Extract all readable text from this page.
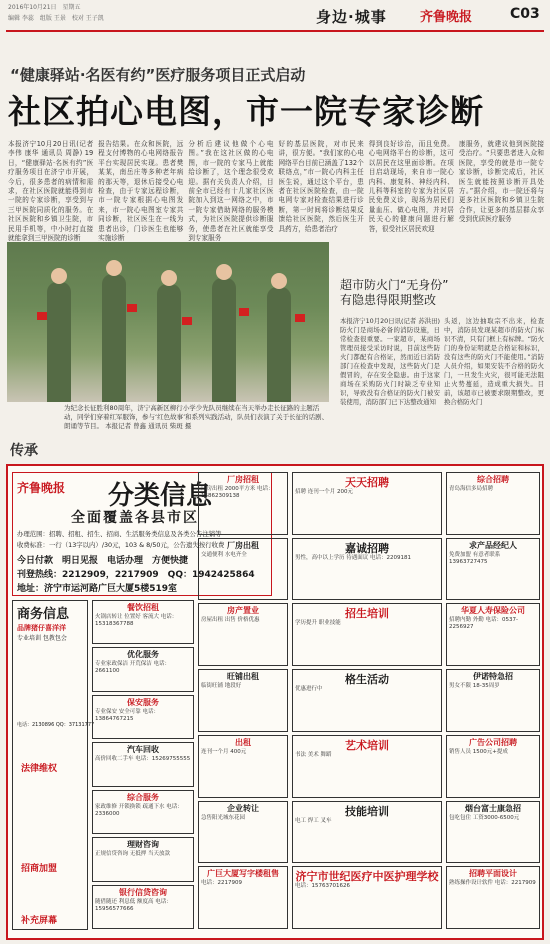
2016年10月21日　星期五
编辑 李蕊　组版 王景　校对 王子凯	身边·城事	齐鲁晚报	C03
“健康驿站·名医有约”医疗服务项目正式启动
社区拍心电图，市一院专家诊断
本报济宁10月20日讯(记者 李伟 康华 通讯员 周静) 19日，“健康驿站·名医有约”医疗服务项目在济宁市开展，今后，很多患者的病情和需求，在社区医院就能得到市一院的专家诊断，享受到与三甲医院同质化的服务。在社区医院和乡镇卫生院，市民用手机等，中小时打直接就能拿到三甲医院的诊断
报告结果。在众和医院，远程支付博物的心电网络报告平台实现居民实现。患者樊某某，南岳庄等多种老年病的那天等，退休后接受心电检查，由于专家远程诊断，市一院专家根据心电图发来，市一院心电图室专家共同诊断，社区医生在一线为患者出诊，门诊医生也能够实施诊断
分析后建议他做个心电图。”我在这社区做的心电图，市一院的专家马上就能给诊断了，这个理念很受欢迎。据有关负责人介绍，目前全市已经有十几家社区医院加入到这一网络之中，市一院专家借助网络的服务模式，为社区医院提供诊断服务，使患者在社区就能享受到专家服务
好的基层医院，对市民来讲，很方便。“我们家的心电网络平台目前已涵盖了132个联络点，”市一院心内科主任医生说，通过这个平台，患者在社区医院检查，由一院电网专家对检查结果进行诊断，第一时间将诊断结果反馈给社区医院，然后医生开具药方，给患者治疗
得到良好诊治，而且免费。心电网络平台的诊断，这可以居民在这里面诊断。在项目启动现场，来自市一院心内科、康复科、神经内科、儿科等科室的专家为社区居民免费义诊，现场为居民们量血压、做心电图，并对居民关心的健康问题进行解答，很受社区居民欢迎
康服务，就建议他到医院接受治疗。“只要患者进入众和医院，享受的就是市一院专家诊断，诊断完成后，社区医生就能按照诊断开具处方。”据介绍，市一院还将与更多社区医院和乡镇卫生院合作，让更多的基层群众享受到优质医疗服务
传承
为纪念长征胜利80周年，济宁高新区柳行小学少先队员继续在当天举办走长征路的主题活动，同学们穿着红军服饰，参与‘红色故事’和系列实践活动，队员们表演了关于长征的话剧、朗诵等节目。 本报记者 曾鑫 通讯员 柴斑 摄
超市防火门“无身份”
有隐患得限期整改
本报济宁10月20日讯(记者 苏洪田) 防火门是商场必备的消防设施，日常检查很重要。一家超市，某商场管理员接受采访时说，目前这些防火门都配有合格证，然而近日消防部门在检查中发现，这些防火门是假冒的，存在安全隐患。由于这家商场在采购防火门时缺乏专业知识，导致没有合格证的防火门被安装使用，消防部门已下达整改通知
头返，这边抽取宗不出来，检查中，消防员发现某超市的防火门标识不清，只有门框上有标牌。“防火门的身份证明就是合格证和标识，没有这些的防火门不能使用。”消防人员介绍，如果安装不合格的防火门，一旦发生火灾，很可能无法阻止火势蔓延，造成重大损失。目前，该超市已被要求限期整改，更换合格防火门
齐鲁晚报 分类信息
全面覆盖各县市区
办理范围：招聘、招租、招生、招商、生活服务类信息及各类公告注销等
收费标准：一行（13字以内）/30元，103 & 8/50元，公告遗失按行收费
今日付款　明日见报　电话办理　方便快捷
刊登热线：2212909，2217909　QQ：1942425864
地址：济宁市运河路广巨大厦5楼519室
商务信息
品牌猪仔喜洋洋
专业培训 包教包会
电话：2130896 QQ：37131777
法律维权
招商加盟
补充屏幕
餐饮招租
火锅店转让 位置好 客流大 电话：15318367788
优化服务
专业家政保洁 开荒保洁 电话：2661100
保安服务
专业保安 安全可靠 电话：13864767215
汽车回收
高价回收二手车 电话：15269755555
综合服务
家政维修 开锁换锁 疏通下水 电话：2336000
理财咨询
正规信贷咨询 无抵押 当天放款
银行信贷咨询
随借随还 利息低 额度高 电话：15956577666
厂房招租
厂房出租 2000平方米 电话：15862309138
厂房出租
交通便利 水电齐全
房产置业
房屋出租 出售 价格优惠
旺铺出租
临街旺铺 地段好
出租
连刊一个月 400元
企业转让
急售阳光城东花园
广巨大厦写字楼租售
电话：2217909
天天招聘
招聘 连刊一个月 200元
嘉诚招聘
男性，高中以上学历 待遇面议 电话：2209181
招生培训
学历提升 职业技能
格生活动
优惠进行中
艺术培训
书法 美术 舞蹈
技能培训
电工 焊工 叉车
济宁市世纪医疗中医护理学校
电话：15763701626
综合招聘
青岛海信多局招聘
求产品经纪人
免费加盟 有意者联系 13963727475
华夏人寿保险公司
招聘内勤 外勤 电话：0537-2256927
伊诺特急招
男女不限 18-35周岁
广告公司招聘
销售人员 1500元+提成
烟台富士康急招
包吃包住 工资3000-6500元
招聘平面设计
熟练操作设计软件 电话：2217909
